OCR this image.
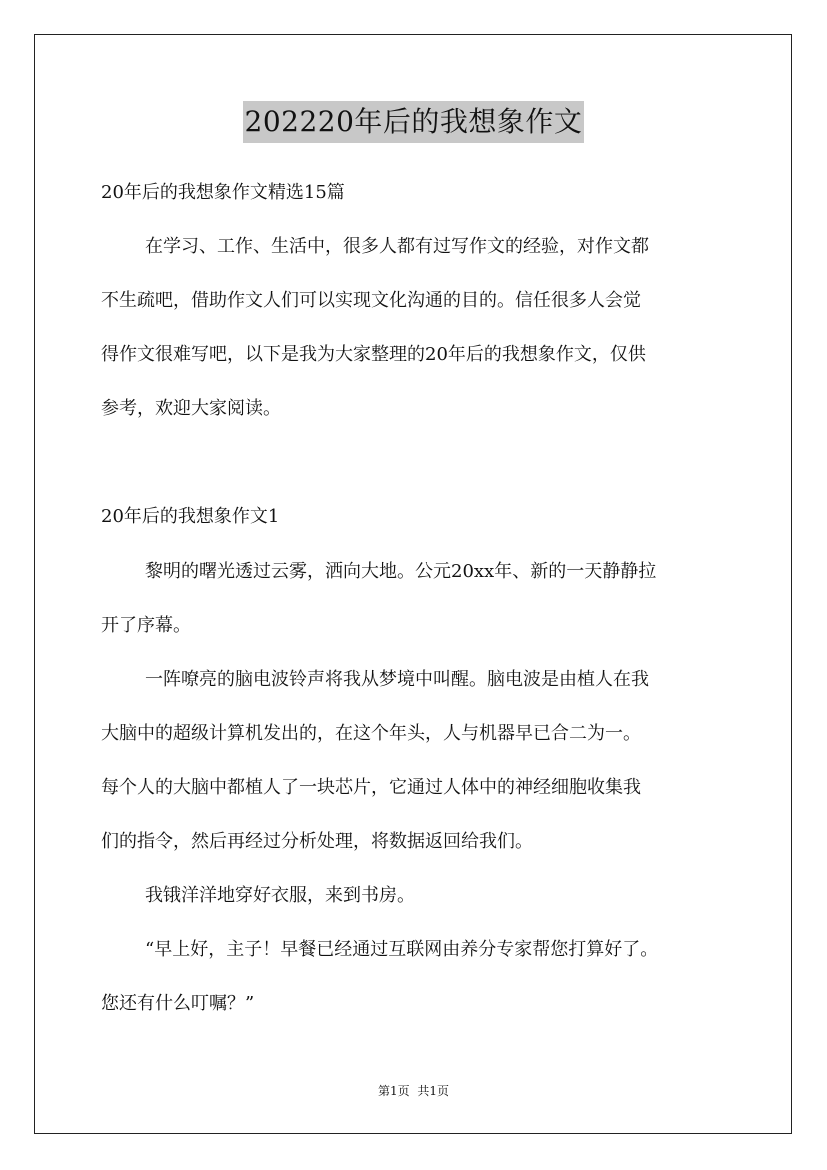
202220年后的我想象作文
20年后的我想象作文精选15篇
在学习、工作、生活中，很多人都有过写作文的经验，对作文都
不生疏吧，借助作文人们可以实现文化沟通的目的。信任很多人会觉
得作文很难写吧，以下是我为大家整理的20年后的我想象作文，仅供
参考，欢迎大家阅读。
20年后的我想象作文1
黎明的曙光透过云雾，洒向大地。公元20xx年、新的一天静静拉
开了序幕。
一阵嘹亮的脑电波铃声将我从梦境中叫醒。脑电波是由植人在我
大脑中的超级计算机发出的，在这个年头，人与机器早已合二为一。
每个人的大脑中都植人了一块芯片，它通过人体中的神经细胞收集我
们的指令，然后再经过分析处理，将数据返回给我们。
我锇洋洋地穿好衣服，来到书房。
“早上好，主子！早餐已经通过互联网由养分专家帮您打算好了。
您还有什么叮嘱？”
第1页 共1页
